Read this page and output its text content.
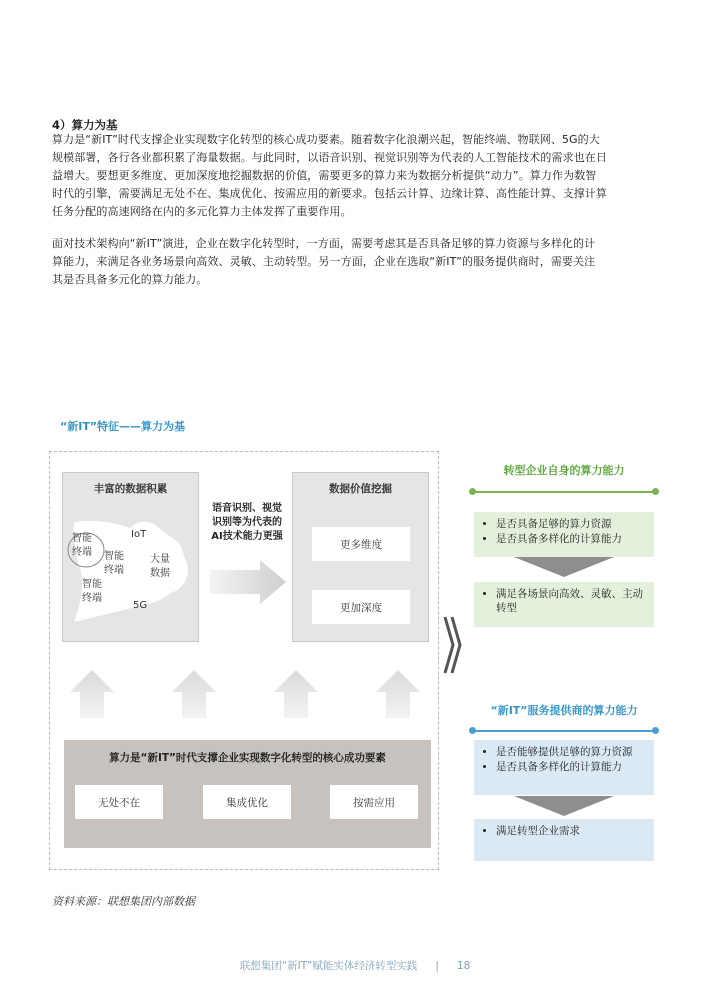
4）算力为基
算力是“新IT”时代支撑企业实现数字化转型的核心成功要素。随着数字化浪潮兴起，智能终端、物联网、5G的大
规模部署，各行各业都积累了海量数据。与此同时，以语音识别、视觉识别等为代表的人工智能技术的需求也在日
益增大。要想更多维度、更加深度地挖掘数据的价值，需要更多的算力来为数据分析提供“动力”。算力作为数智
时代的引擎，需要满足无处不在、集成优化、按需应用的新要求。包括云计算、边缘计算、高性能计算、支撑计算
任务分配的高速网络在内的多元化算力主体发挥了重要作用。
面对技术架构向“新IT”演进，企业在数字化转型时，一方面，需要考虑其是否具备足够的算力资源与多样化的计
算能力，来满足各业务场景向高效、灵敏、主动转型。另一方面，企业在选取“新IT”的服务提供商时，需要关注
其是否具备多元化的算力能力。
“新IT”特征——算力为基
丰富的数据积累
智能终端
IoT
智能终端
大量数据
智能终端
5G
语音识别、视觉
识别等为代表的
AI技术能力更强
数据价值挖掘
更多维度
更加深度
算力是“新IT”时代支撑企业实现数字化转型的核心成功要素
无处不在	集成优化	按需应用
转型企业自身的算力能力
• 是否具备足够的算力资源
• 是否具备多样化的计算能力
• 满足各场景向高效、灵敏、主动转型
“新IT”服务提供商的算力能力
• 是否能够提供足够的算力资源
• 是否具备多样化的计算能力
• 满足转型企业需求
资料来源：联想集团内部数据
联想集团“新IT”赋能实体经济转型实践 | 18
